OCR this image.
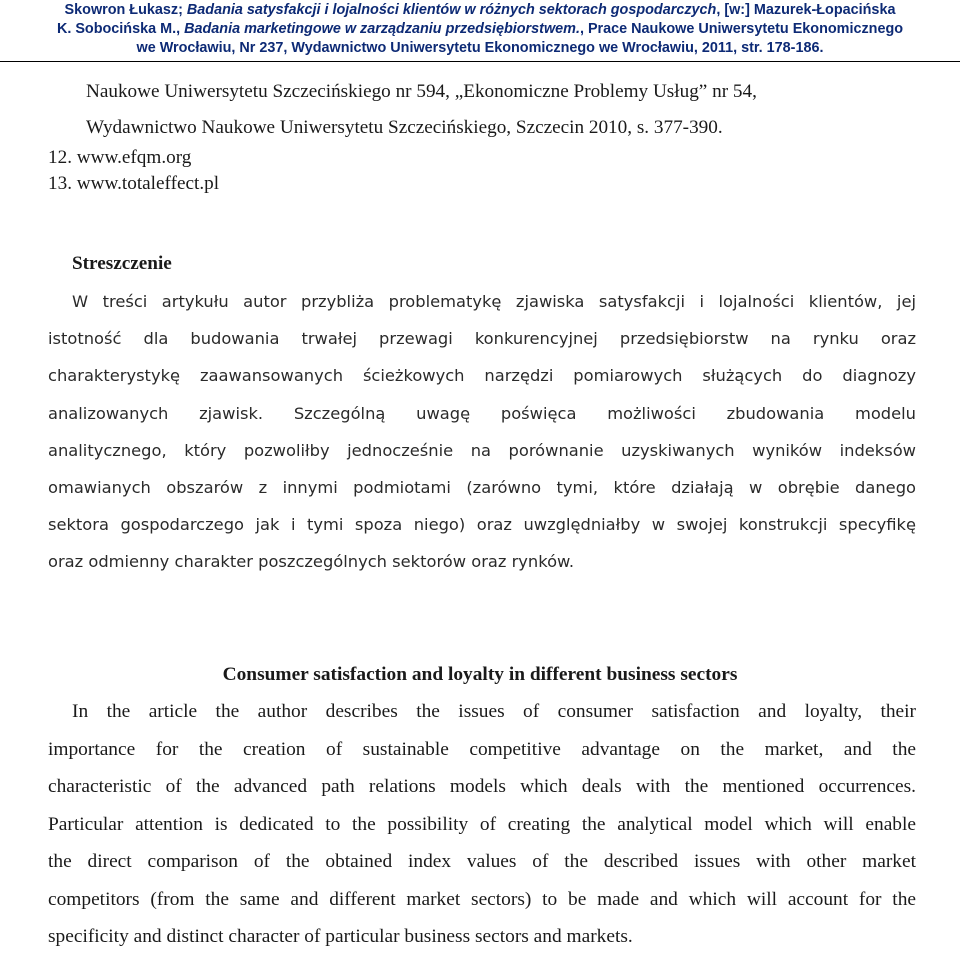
Skowron Łukasz; Badania satysfakcji i lojalności klientów w różnych sektorach gospodarczych, [w:] Mazurek-Łopacińska
K. Sobocińska M., Badania marketingowe w zarządzaniu przedsiębiorstwem., Prace Naukowe Uniwersytetu Ekonomicznego
we Wrocławiu, Nr 237, Wydawnictwo Uniwersytetu Ekonomicznego we Wrocławiu, 2011, str. 178-186.
Naukowe Uniwersytetu Szczecińskiego nr 594, „Ekonomiczne Problemy Usług” nr 54,
Wydawnictwo Naukowe Uniwersytetu Szczecińskiego, Szczecin 2010, s. 377-390.
12. www.efqm.org
13. www.totaleffect.pl
Streszczenie
W treści artykułu autor przybliża problematykę zjawiska satysfakcji i lojalności klientów, jej
istotność dla budowania trwałej przewagi konkurencyjnej przedsiębiorstw na rynku oraz
charakterystykę zaawansowanych ścieżkowych narzędzi pomiarowych służących do diagnozy
analizowanych zjawisk. Szczególną uwagę poświęca możliwości zbudowania modelu
analitycznego, który pozwoliłby jednocześnie na porównanie uzyskiwanych wyników indeksów
omawianych obszarów z innymi podmiotami (zarówno tymi, które działają w obrębie danego
sektora gospodarczego jak i tymi spoza niego) oraz uwzględniałby w swojej konstrukcji specyfikę
oraz odmienny charakter poszczególnych sektorów oraz rynków.
Consumer satisfaction and loyalty in different business sectors
In the article the author describes the issues of consumer satisfaction and loyalty, their
importance for the creation of sustainable competitive advantage on the market, and the
characteristic of the advanced path relations models which deals with the mentioned occurrences.
Particular attention is dedicated to the possibility of creating the analytical model which will enable
the direct comparison of the obtained index values of the described issues with other market
competitors (from the same and different market sectors) to be made and which will account for the
specificity and distinct character of particular business sectors and markets.
